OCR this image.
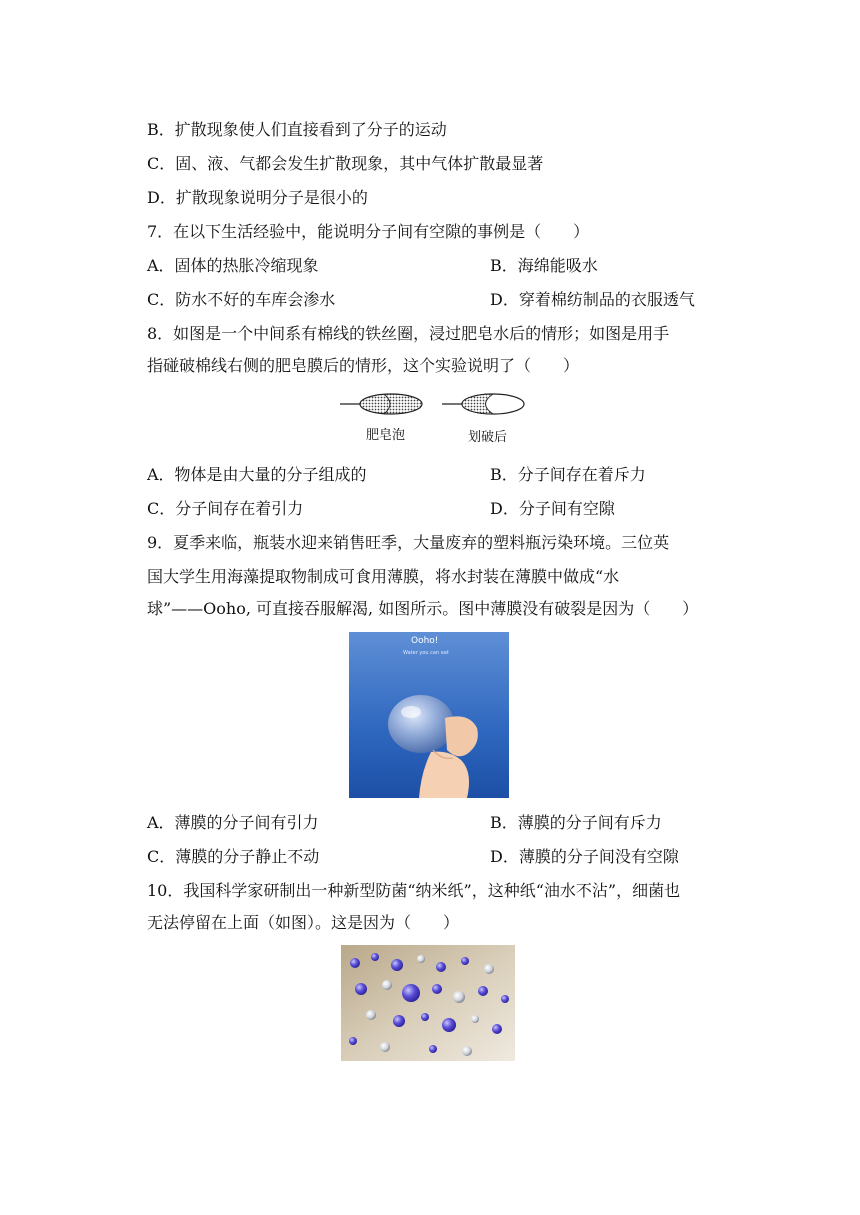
B．扩散现象使人们直接看到了分子的运动
C．固、液、气都会发生扩散现象，其中气体扩散最显著
D．扩散现象说明分子是很小的
7．在以下生活经验中，能说明分子间有空隙的事例是（　　）
A．固体的热胀冷缩现象	B．海绵能吸水
C．防水不好的车库会渗水	D．穿着棉纺制品的衣服透气
8．如图是一个中间系有棉线的铁丝圈，浸过肥皂水后的情形；如图是用手
指碰破棉线右侧的肥皂膜后的情形，这个实验说明了（　　）
肥皂泡	划破后
A．物体是由大量的分子组成的	B．分子间存在着斥力
C．分子间存在着引力	D．分子间有空隙
9．夏季来临，瓶装水迎来销售旺季，大量废弃的塑料瓶污染环境。三位英
国大学生用海藻提取物制成可食用薄膜，将水封装在薄膜中做成“水
球”——Ooho, 可直接吞服解渴, 如图所示。图中薄膜没有破裂是因为（　　）
Ooho!
Water you can eat
A．薄膜的分子间有引力	B．薄膜的分子间有斥力
C．薄膜的分子静止不动	D．薄膜的分子间没有空隙
10．我国科学家研制出一种新型防菌“纳米纸”，这种纸“油水不沾”，细菌也
无法停留在上面（如图）。这是因为（　　）
